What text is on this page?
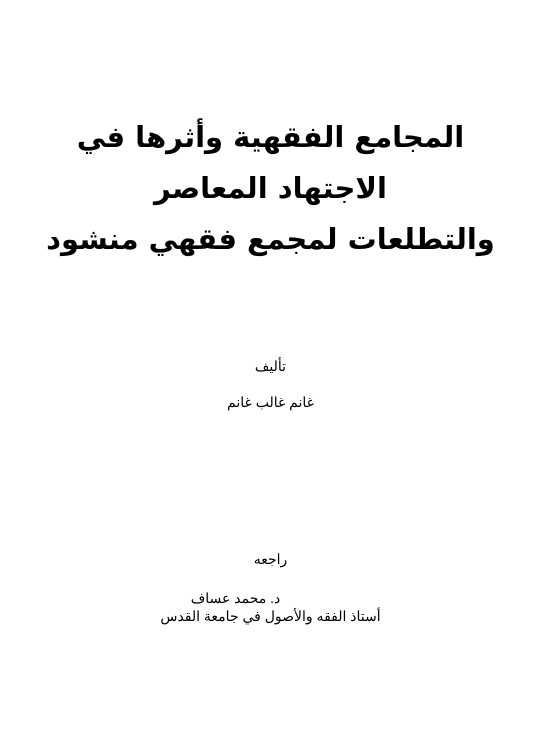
المجامع الفقهية وأثرها في
الاجتهاد المعاصر
والتطلعات لمجمع فقهي منشود
تأليف
غانم غالب غانم
راجعه
د. محمد عساف
أستاذ الفقه والأصول في جامعة القدس
